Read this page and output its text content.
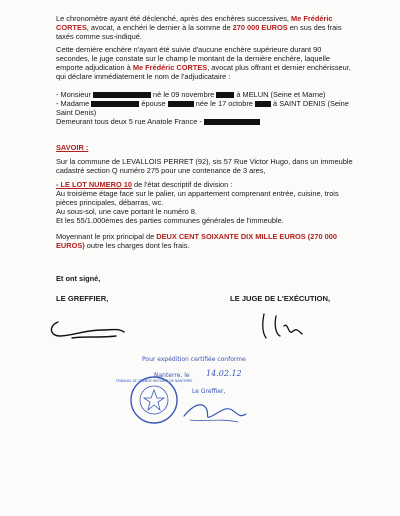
Le chronomètre ayant été déclenché, après des enchères successives, Me Frédéric CORTES, avocat, a enchéri le dernier à la somme de 270 000 EUROS en sus des frais taxés comme sus-indiqué.

Cette dernière enchère n'ayant été suivie d'aucune enchère supérieure durant 90 secondes, le juge constate sur le champ le montant de la dernière enchère, laquelle emporte adjudication à Me Frédéric CORTES, avocat plus offrant et dernier enchérisseur, qui déclare immédiatement le nom de l'adjudicataire :

- Monsieur	né le 09 novembre	à MELUN (Seine et Marne)
- Madame	épouse	née le 17 octobre	à SAINT DENIS (Seine Saint Denis)
Demeurant tous deux 5 rue Anatole France -

SAVOIR :

Sur la commune de LEVALLOIS PERRET (92), sis 57 Rue Victor Hugo, dans un immeuble cadastré section Q numéro 275 pour une contenance de 3 ares,

- LE LOT NUMERO 10 de l'état descriptif de division :
Au troisième étage face sur le palier, un appartement comprenant entrée, cuisine, trois pièces principales, débarras, wc.
Au sous-sol, une cave portant le numéro 8.
Et les 55/1.000èmes des parties communes générales de l'immeuble.

Moyennant le prix principal de DEUX CENT SOIXANTE DIX MILLE EUROS (270 000 EUROS) outre les charges dont les frais.

Et ont signé,

LE GREFFIER,	LE JUGE DE L'EXÉCUTION,
Pour expédition certifiée conforme
Nanterre, le 14.02.12
Le Greffier,
TRIBUNAL DE GRANDE INSTANCE DE NANTERRE
